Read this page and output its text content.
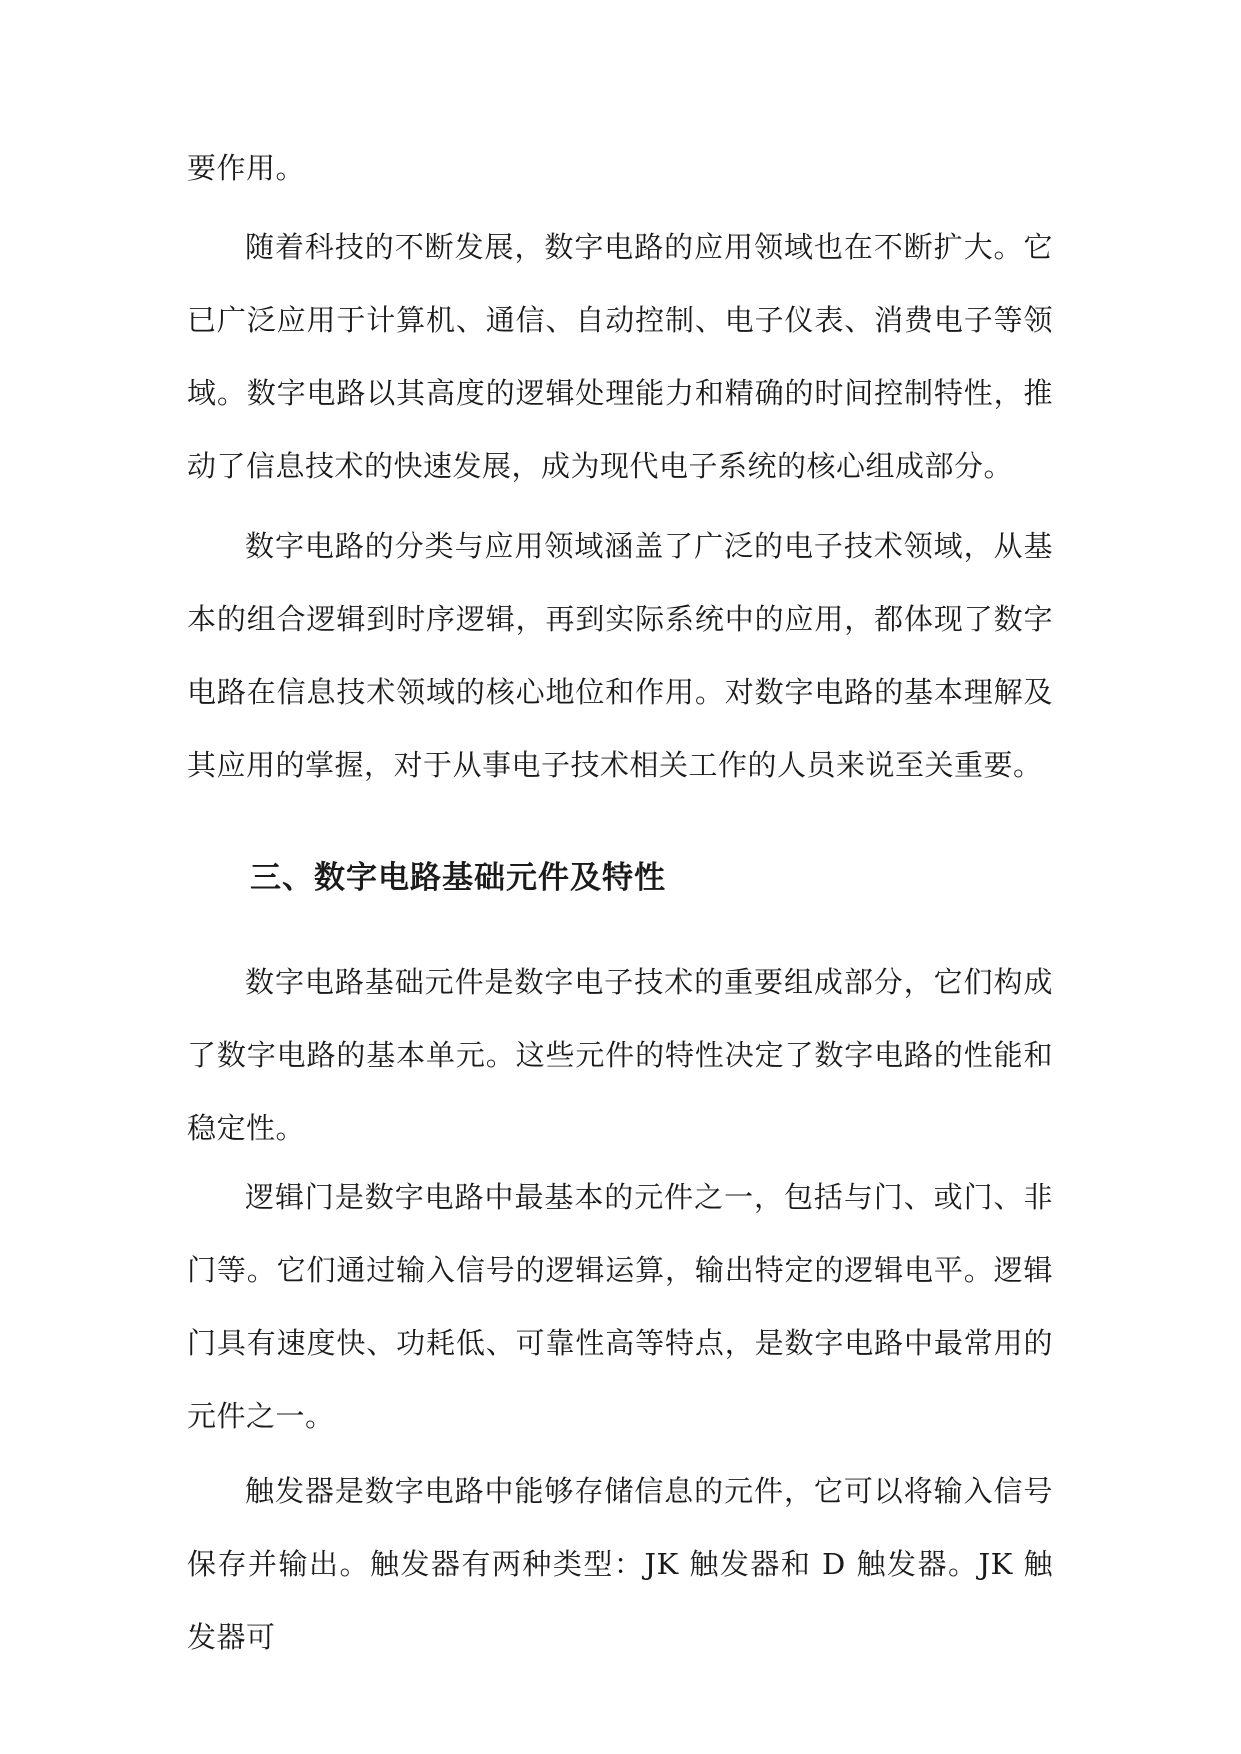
要作用。

随着科技的不断发展，数字电路的应用领域也在不断扩大。它已广泛应用于计算机、通信、自动控制、电子仪表、消费电子等领域。数字电路以其高度的逻辑处理能力和精确的时间控制特性，推动了信息技术的快速发展，成为现代电子系统的核心组成部分。

数字电路的分类与应用领域涵盖了广泛的电子技术领域，从基本的组合逻辑到时序逻辑，再到实际系统中的应用，都体现了数字电路在信息技术领域的核心地位和作用。对数字电路的基本理解及其应用的掌握，对于从事电子技术相关工作的人员来说至关重要。

三、数字电路基础元件及特性

数字电路基础元件是数字电子技术的重要组成部分，它们构成了数字电路的基本单元。这些元件的特性决定了数字电路的性能和稳定性。

逻辑门是数字电路中最基本的元件之一，包括与门、或门、非门等。它们通过输入信号的逻辑运算，输出特定的逻辑电平。逻辑门具有速度快、功耗低、可靠性高等特点，是数字电路中最常用的元件之一。

触发器是数字电路中能够存储信息的元件，它可以将输入信号保存并输出。触发器有两种类型：JK 触发器和 D 触发器。JK 触发器可
